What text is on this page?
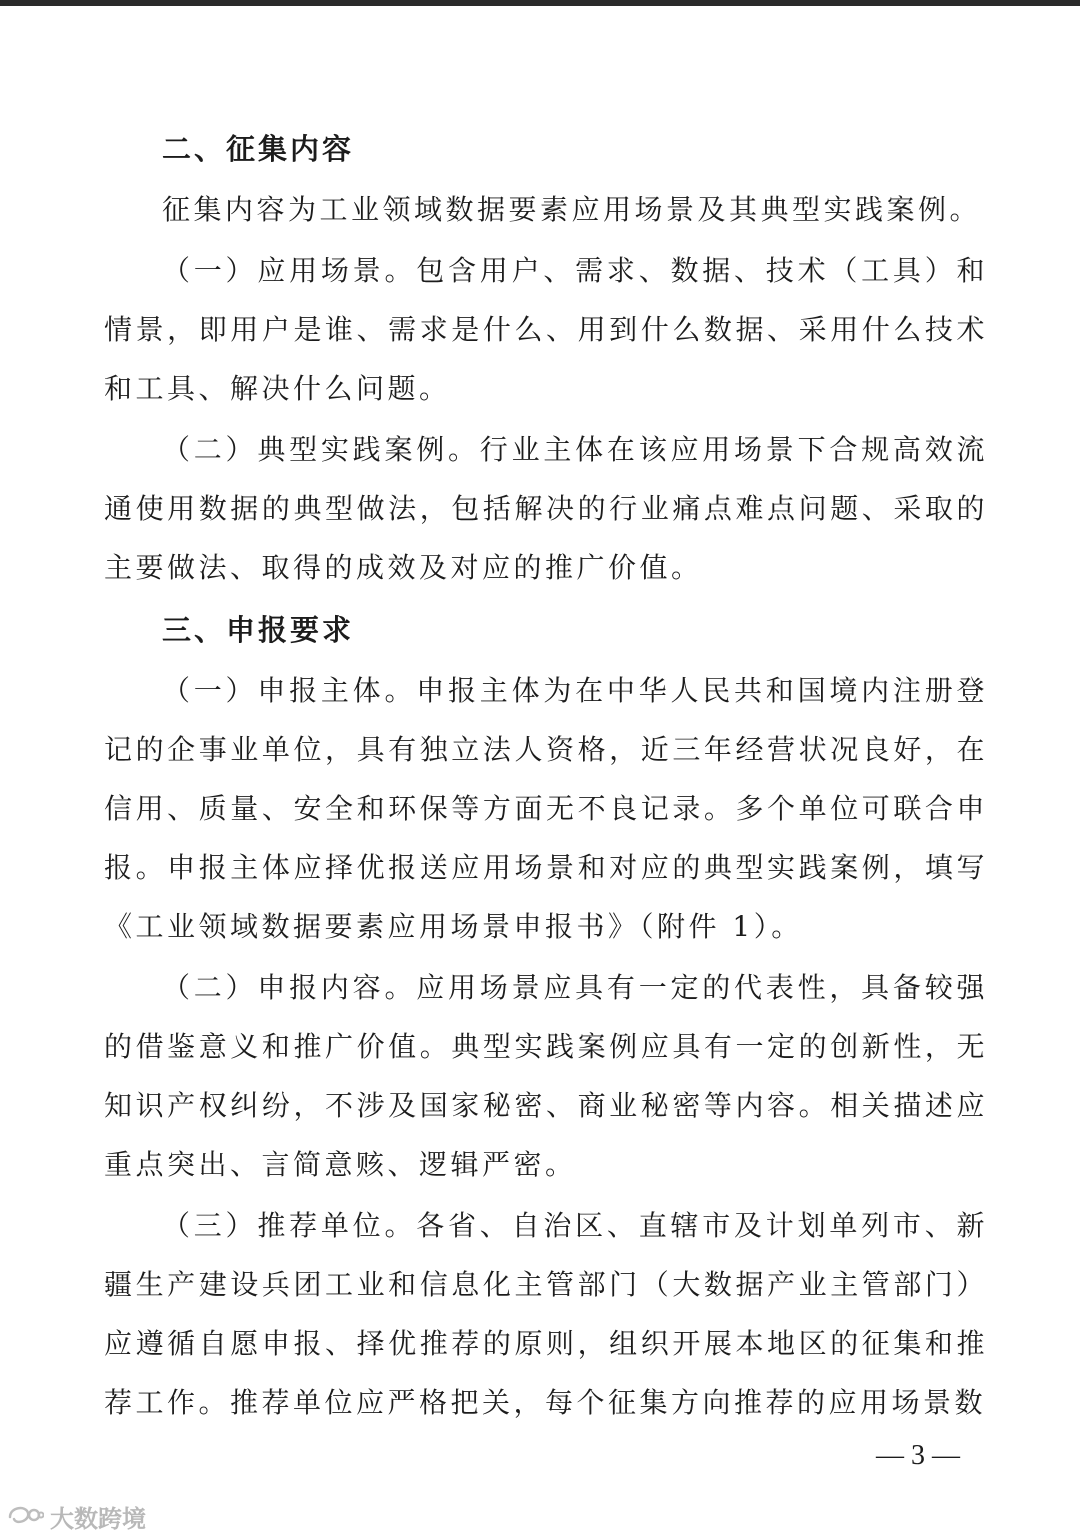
二、征集内容

征集内容为工业领域数据要素应用场景及其典型实践案例。

（一）应用场景。包含用户、需求、数据、技术（工具）和情景，即用户是谁、需求是什么、用到什么数据、采用什么技术和工具、解决什么问题。

（二）典型实践案例。行业主体在该应用场景下合规高效流通使用数据的典型做法，包括解决的行业痛点难点问题、采取的主要做法、取得的成效及对应的推广价值。

三、申报要求

（一）申报主体。申报主体为在中华人民共和国境内注册登记的企事业单位，具有独立法人资格，近三年经营状况良好，在信用、质量、安全和环保等方面无不良记录。多个单位可联合申报。申报主体应择优报送应用场景和对应的典型实践案例，填写《工业领域数据要素应用场景申报书》（附件 1）。

（二）申报内容。应用场景应具有一定的代表性，具备较强的借鉴意义和推广价值。典型实践案例应具有一定的创新性，无知识产权纠纷，不涉及国家秘密、商业秘密等内容。相关描述应重点突出、言简意赅、逻辑严密。

（三）推荐单位。各省、自治区、直辖市及计划单列市、新疆生产建设兵团工业和信息化主管部门（大数据产业主管部门）应遵循自愿申报、择优推荐的原则，组织开展本地区的征集和推荐工作。推荐单位应严格把关，每个征集方向推荐的应用场景数

— 3 —
大数跨境
